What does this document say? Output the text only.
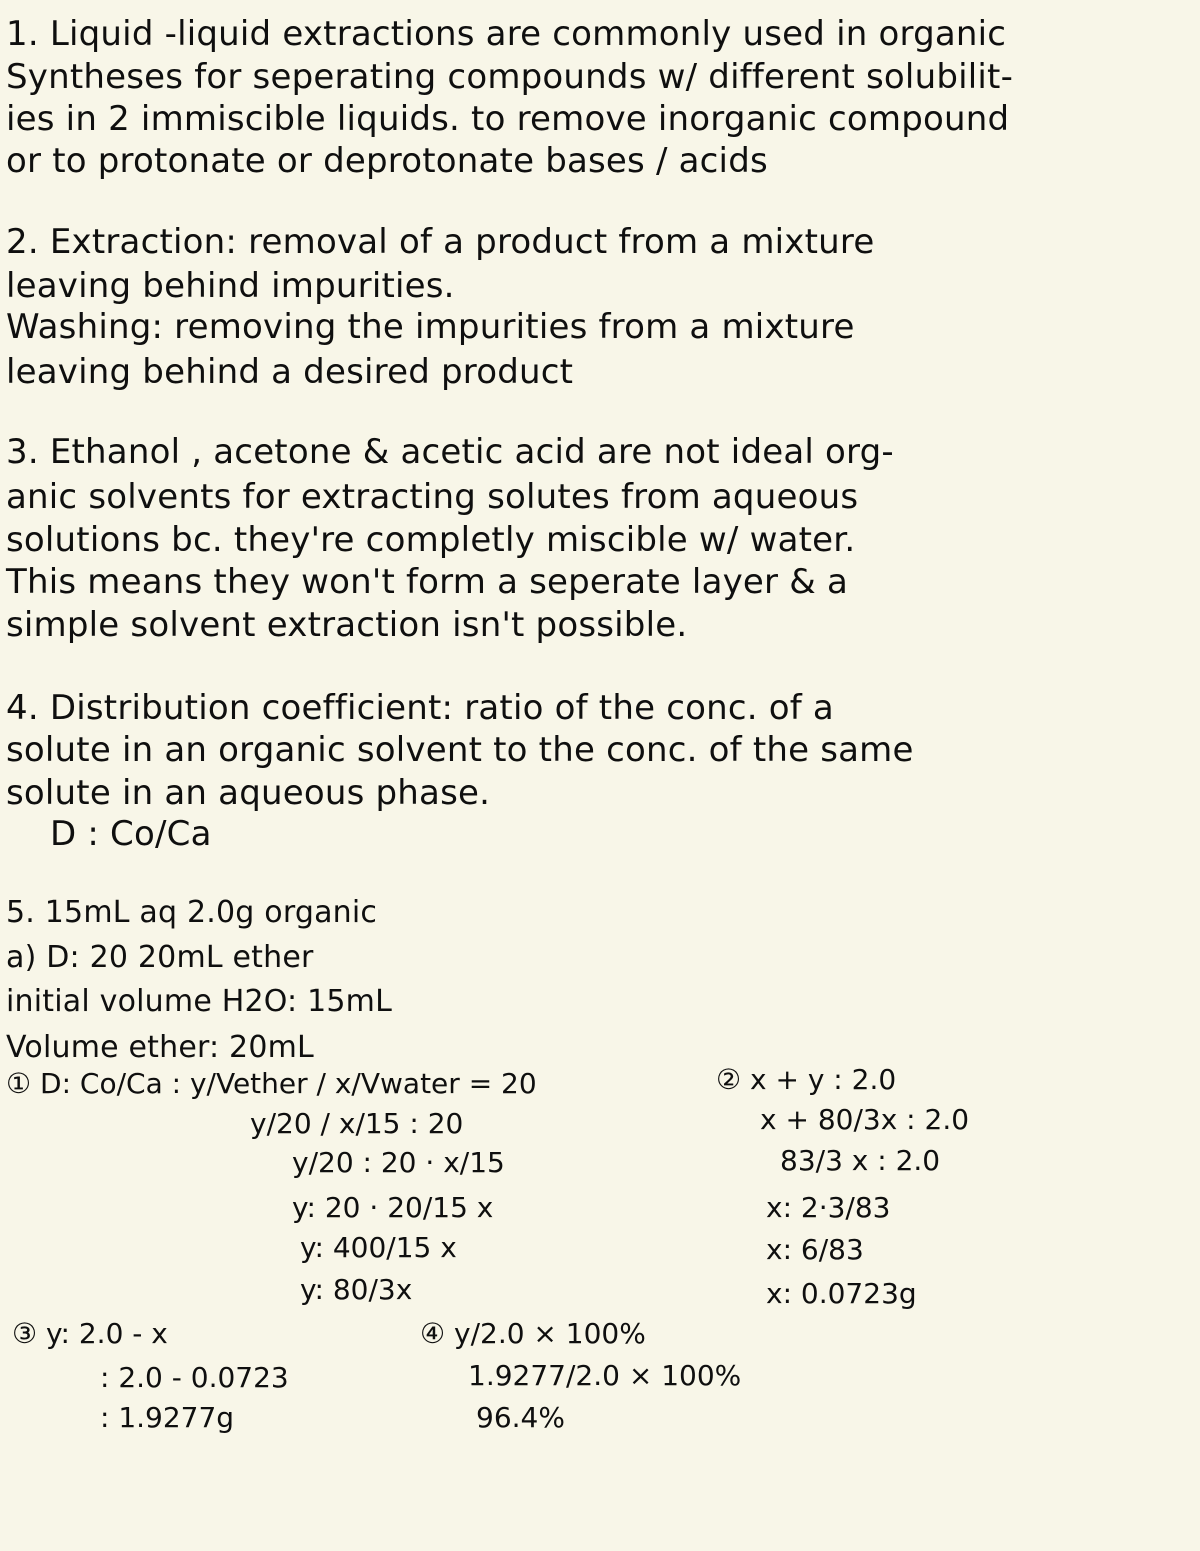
1. Liquid -liquid extractions are commonly used in organic
Syntheses for seperating compounds w/ different solubilit-
ies in 2 immiscible liquids. to remove inorganic compound
or to protonate or deprotonate bases / acids
2. Extraction: removal of a product from a mixture
leaving behind impurities.
Washing: removing the impurities from a mixture
leaving behind a desired product
3. Ethanol , acetone & acetic acid are not ideal org-
anic solvents for extracting solutes from aqueous
solutions bc. they're completly miscible w/ water.
This means they won't form a seperate layer & a
simple solvent extraction isn't possible.
4. Distribution coefficient: ratio of the conc. of a
solute in an organic solvent to the conc. of the same
solute in an aqueous phase.
D : Co/Ca
5. 15mL aq 2.0g organic
a) D: 20 20mL ether
initial volume H2O: 15mL
Volume ether: 20mL
① D: Co/Ca : y/Vether / x/Vwater = 20
y/20 / x/15 : 20
y/20 : 20 · x/15
y: 20 · 20/15 x
y: 400/15 x
y: 80/3x
② x + y : 2.0
x + 80/3x : 2.0
83/3 x : 2.0
x: 2·3/83
x: 6/83
x: 0.0723g
③ y: 2.0 - x
: 2.0 - 0.0723
: 1.9277g
④ y/2.0 × 100%
1.9277/2.0 × 100%
96.4%
